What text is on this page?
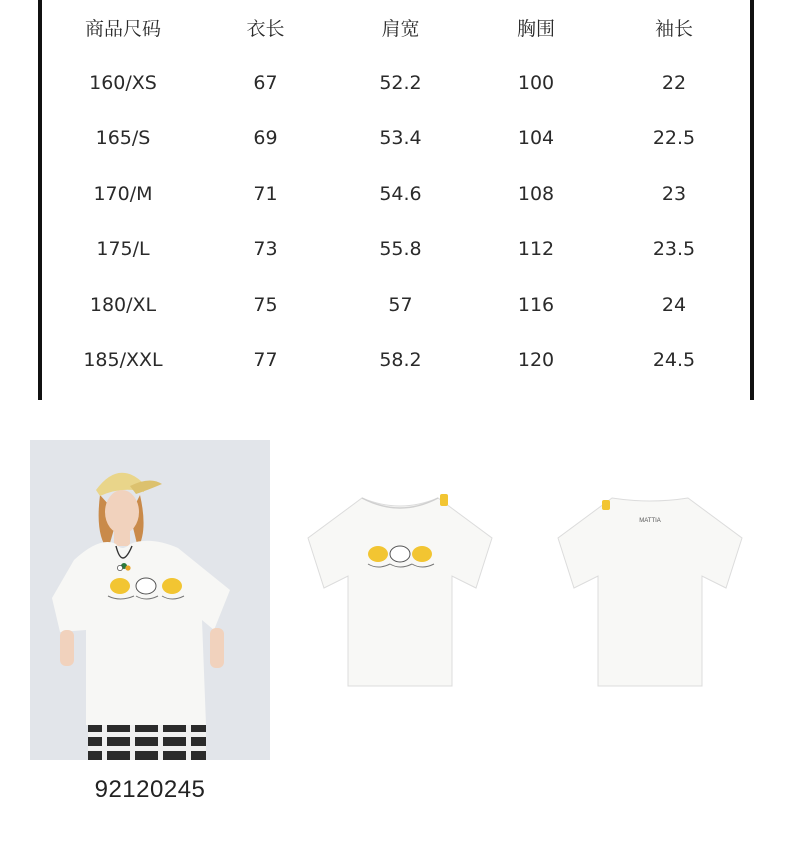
商品尺码	衣长	肩宽	胸围	袖长
160/XS	67	52.2	100	22
165/S	69	53.4	104	22.5
170/M	71	54.6	108	23
175/L	73	55.8	112	23.5
180/XL	75	57	116	24
185/XXL	77	58.2	120	24.5
MATTIA
92120245
